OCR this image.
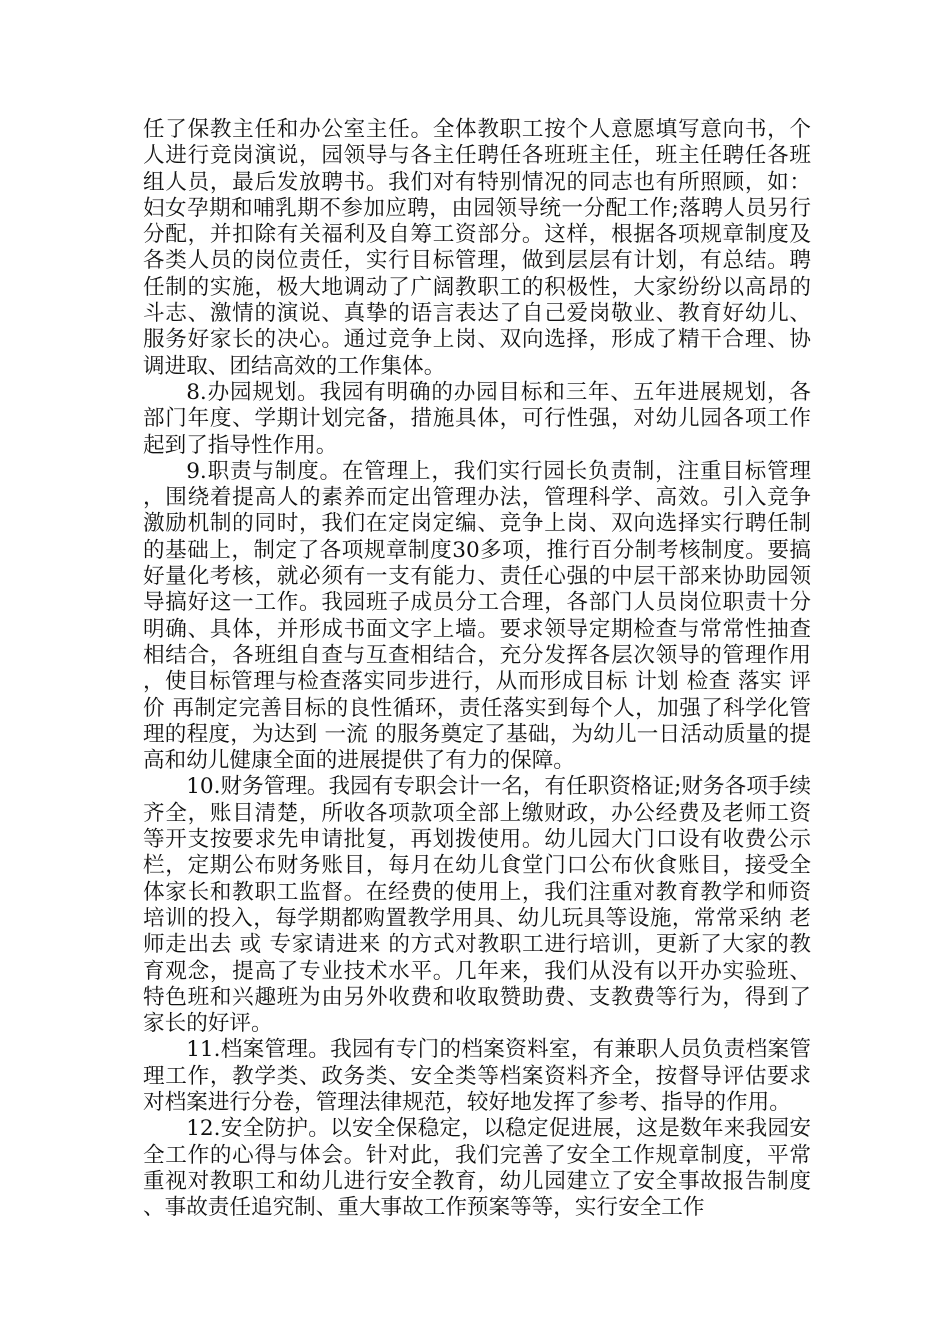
任了保教主任和办公室主任。全体教职工按个人意愿填写意向书，个人进行竞岗演说，园领导与各主任聘任各班班主任，班主任聘任各班组人员，最后发放聘书。我们对有特别情况的同志也有所照顾，如：妇女孕期和哺乳期不参加应聘，由园领导统一分配工作;落聘人员另行分配，并扣除有关福利及自筹工资部分。这样，根据各项规章制度及各类人员的岗位责任，实行目标管理，做到层层有计划，有总结。聘任制的实施，极大地调动了广阔教职工的积极性，大家纷纷以高昂的斗志、激情的演说、真挚的语言表达了自己爱岗敬业、教育好幼儿、服务好家长的决心。通过竞争上岗、双向选择，形成了精干合理、协调进取、团结高效的工作集体。

8.办园规划。我园有明确的办园目标和三年、五年进展规划，各部门年度、学期计划完备，措施具体，可行性强，对幼儿园各项工作起到了指导性作用。

9.职责与制度。在管理上，我们实行园长负责制，注重目标管理，围绕着提高人的素养而定出管理办法，管理科学、高效。引入竞争激励机制的同时，我们在定岗定编、竞争上岗、双向选择实行聘任制的基础上，制定了各项规章制度30多项，推行百分制考核制度。要搞好量化考核，就必须有一支有能力、责任心强的中层干部来协助园领导搞好这一工作。我园班子成员分工合理，各部门人员岗位职责十分明确、具体，并形成书面文字上墙。要求领导定期检查与常常性抽查相结合，各班组自查与互查相结合，充分发挥各层次领导的管理作用，使目标管理与检查落实同步进行，从而形成目标 计划 检查 落实 评价 再制定完善目标的良性循环，责任落实到每个人，加强了科学化管理的程度，为达到 一流 的服务奠定了基础，为幼儿一日活动质量的提高和幼儿健康全面的进展提供了有力的保障。

10.财务管理。我园有专职会计一名，有任职资格证;财务各项手续齐全，账目清楚，所收各项款项全部上缴财政，办公经费及老师工资等开支按要求先申请批复，再划拨使用。幼儿园大门口设有收费公示栏，定期公布财务账目，每月在幼儿食堂门口公布伙食账目，接受全体家长和教职工监督。在经费的使用上，我们注重对教育教学和师资培训的投入，每学期都购置教学用具、幼儿玩具等设施，常常采纳 老师走出去 或 专家请进来 的方式对教职工进行培训，更新了大家的教育观念，提高了专业技术水平。几年来，我们从没有以开办实验班、特色班和兴趣班为由另外收费和收取赞助费、支教费等行为，得到了家长的好评。

11.档案管理。我园有专门的档案资料室，有兼职人员负责档案管理工作，教学类、政务类、安全类等档案资料齐全，按督导评估要求对档案进行分卷，管理法律规范，较好地发挥了参考、指导的作用。

12.安全防护。以安全保稳定，以稳定促进展，这是数年来我园安全工作的心得与体会。针对此，我们完善了安全工作规章制度，平常重视对教职工和幼儿进行安全教育，幼儿园建立了安全事故报告制度、事故责任追究制、重大事故工作预案等等，实行安全工作
